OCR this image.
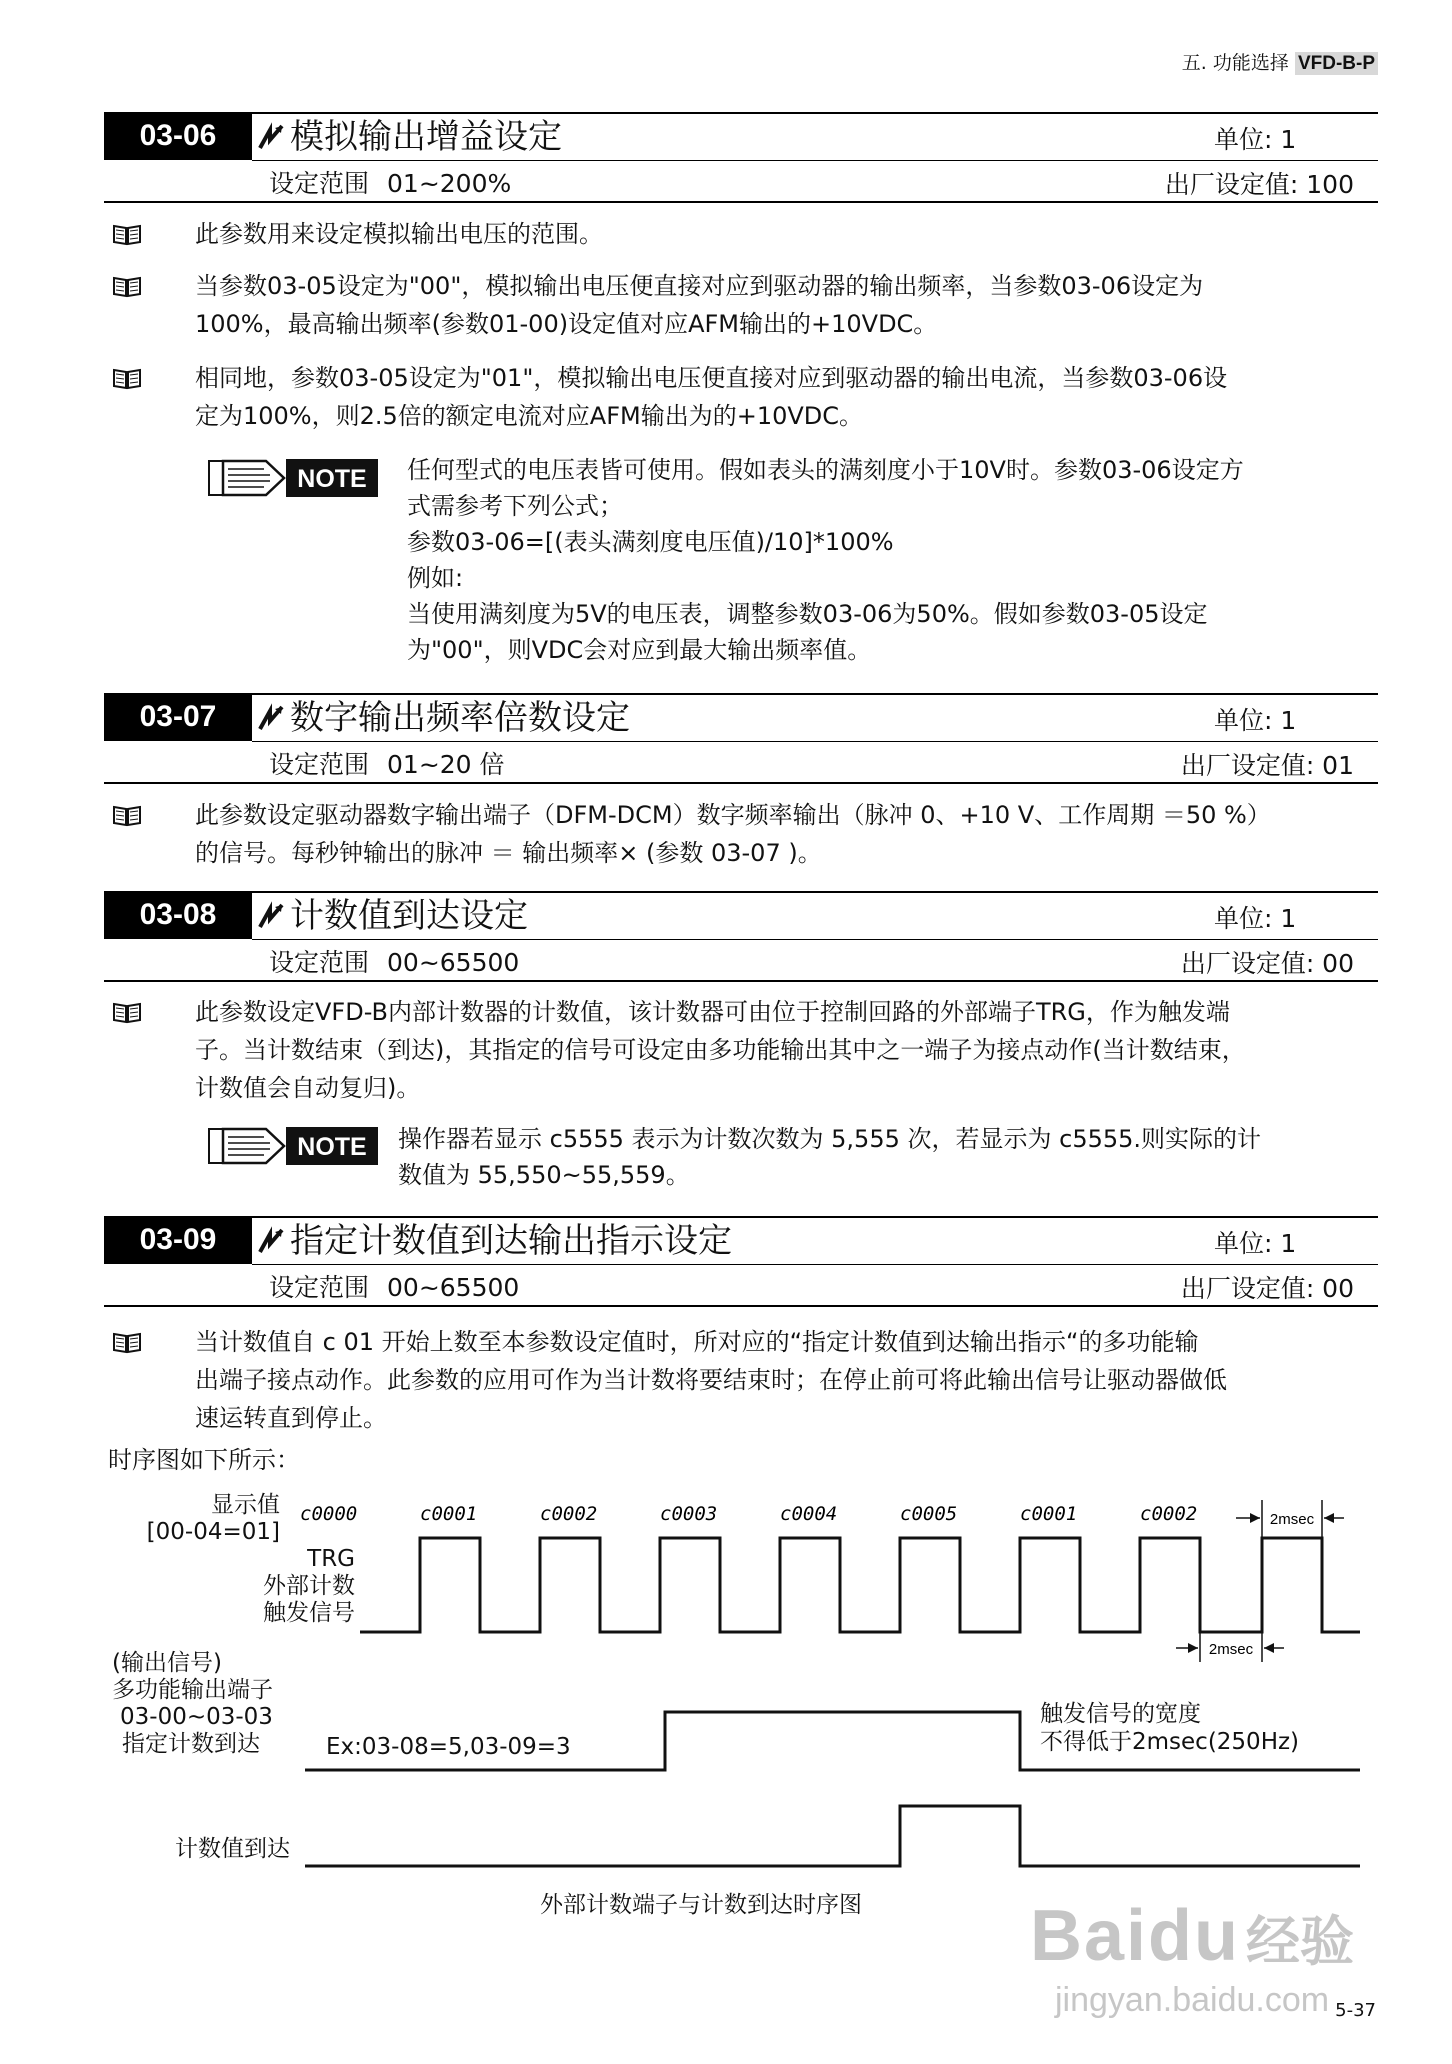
五. 功能选择 VFD-B-P
03-06	模拟输出增益设定	单位: 1
设定范围 01~200%	出厂设定值: 100
03-07	数字输出频率倍数设定	单位: 1
设定范围 01~20 倍	出厂设定值: 01
03-08	计数值到达设定	单位: 1
设定范围 00~65500	出厂设定值: 00
03-09	指定计数值到达输出指示设定	单位: 1
设定范围 00~65500	出厂设定值: 00
此参数用来设定模拟输出电压的范围。
当参数03-05设定为"00"，模拟输出电压便直接对应到驱动器的输出频率，当参数03-06设定为
100%，最高输出频率(参数01-00)设定值对应AFM输出的+10VDC。
相同地，参数03-05设定为"01"，模拟输出电压便直接对应到驱动器的输出电流，当参数03-06设
定为100%，则2.5倍的额定电流对应AFM输出为的+10VDC。
NOTE 任何型式的电压表皆可使用。假如表头的满刻度小于10V时。参数03-06设定方
式需参考下列公式；
参数03-06=[(表头满刻度电压值)/10]*100%
例如:
当使用满刻度为5V的电压表，调整参数03-06为50%。假如参数03-05设定
为"00"，则VDC会对应到最大输出频率值。
此参数设定驱动器数字输出端子（DFM-DCM）数字频率输出（脉冲 0、+10 V、工作周期 ＝50 %）
的信号。每秒钟输出的脉冲 ＝ 输出频率× (参数 03-07 )。
此参数设定VFD-B内部计数器的计数值，该计数器可由位于控制回路的外部端子TRG，作为触发端
子。当计数结束（到达)，其指定的信号可设定由多功能输出其中之一端子为接点动作(当计数结束，
计数值会自动复归)。
NOTE 操作器若显示 c5555 表示为计数次数为 5,555 次，若显示为 c5555.则实际的计
数值为 55,550~55,559。
当计数值自 c 01 开始上数至本参数设定值时，所对应的“指定计数值到达输出指示“的多功能输
出端子接点动作。此参数的应用可作为当计数将要结束时；在停止前可将此输出信号让驱动器做低
速运转直到停止。
时序图如下所示：
显示值
[00-04=01]
TRG
外部计数
触发信号
(输出信号)
多功能输出端子
03-00~03-03
指定计数到达
计数值到达
c0000	c0001	c0002	c0003	c0004	c0005	c0001	c0002	2msec
2msec
Ex:03-08=5,03-09=3
触发信号的宽度
不得低于2msec(250Hz)
外部计数端子与计数到达时序图
5-37
Baidu 经验
jingyan.baidu.com
